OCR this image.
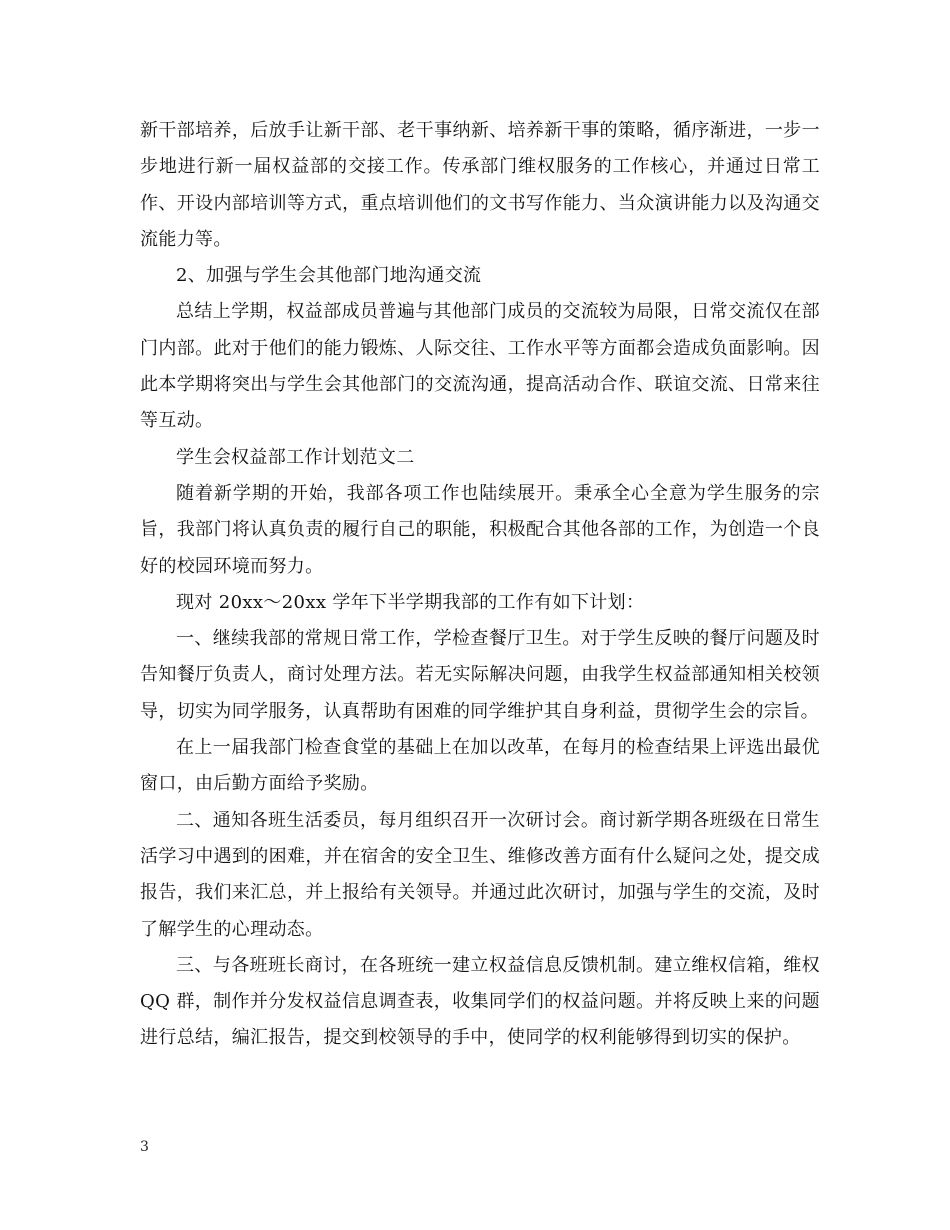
新干部培养，后放手让新干部、老干事纳新、培养新干事的策略，循序渐进，一步一步地进行新一届权益部的交接工作。传承部门维权服务的工作核心，并通过日常工作、开设内部培训等方式，重点培训他们的文书写作能力、当众演讲能力以及沟通交流能力等。

2、加强与学生会其他部门地沟通交流

总结上学期，权益部成员普遍与其他部门成员的交流较为局限，日常交流仅在部门内部。此对于他们的能力锻炼、人际交往、工作水平等方面都会造成负面影响。因此本学期将突出与学生会其他部门的交流沟通，提高活动合作、联谊交流、日常来往等互动。

学生会权益部工作计划范文二

随着新学期的开始，我部各项工作也陆续展开。秉承全心全意为学生服务的宗旨，我部门将认真负责的履行自己的职能，积极配合其他各部的工作，为创造一个良好的校园环境而努力。

现对 20xx～20xx 学年下半学期我部的工作有如下计划：

一、继续我部的常规日常工作，学检查餐厅卫生。对于学生反映的餐厅问题及时告知餐厅负责人，商讨处理方法。若无实际解决问题，由我学生权益部通知相关校领导，切实为同学服务，认真帮助有困难的同学维护其自身利益，贯彻学生会的宗旨。

在上一届我部门检查食堂的基础上在加以改革，在每月的检查结果上评选出最优窗口，由后勤方面给予奖励。

二、通知各班生活委员，每月组织召开一次研讨会。商讨新学期各班级在日常生活学习中遇到的困难，并在宿舍的安全卫生、维修改善方面有什么疑问之处，提交成报告，我们来汇总，并上报给有关领导。并通过此次研讨，加强与学生的交流，及时了解学生的心理动态。

三、与各班班长商讨，在各班统一建立权益信息反馈机制。建立维权信箱，维权 QQ 群，制作并分发权益信息调查表，收集同学们的权益问题。并将反映上来的问题进行总结，编汇报告，提交到校领导的手中，使同学的权利能够得到切实的保护。

3
